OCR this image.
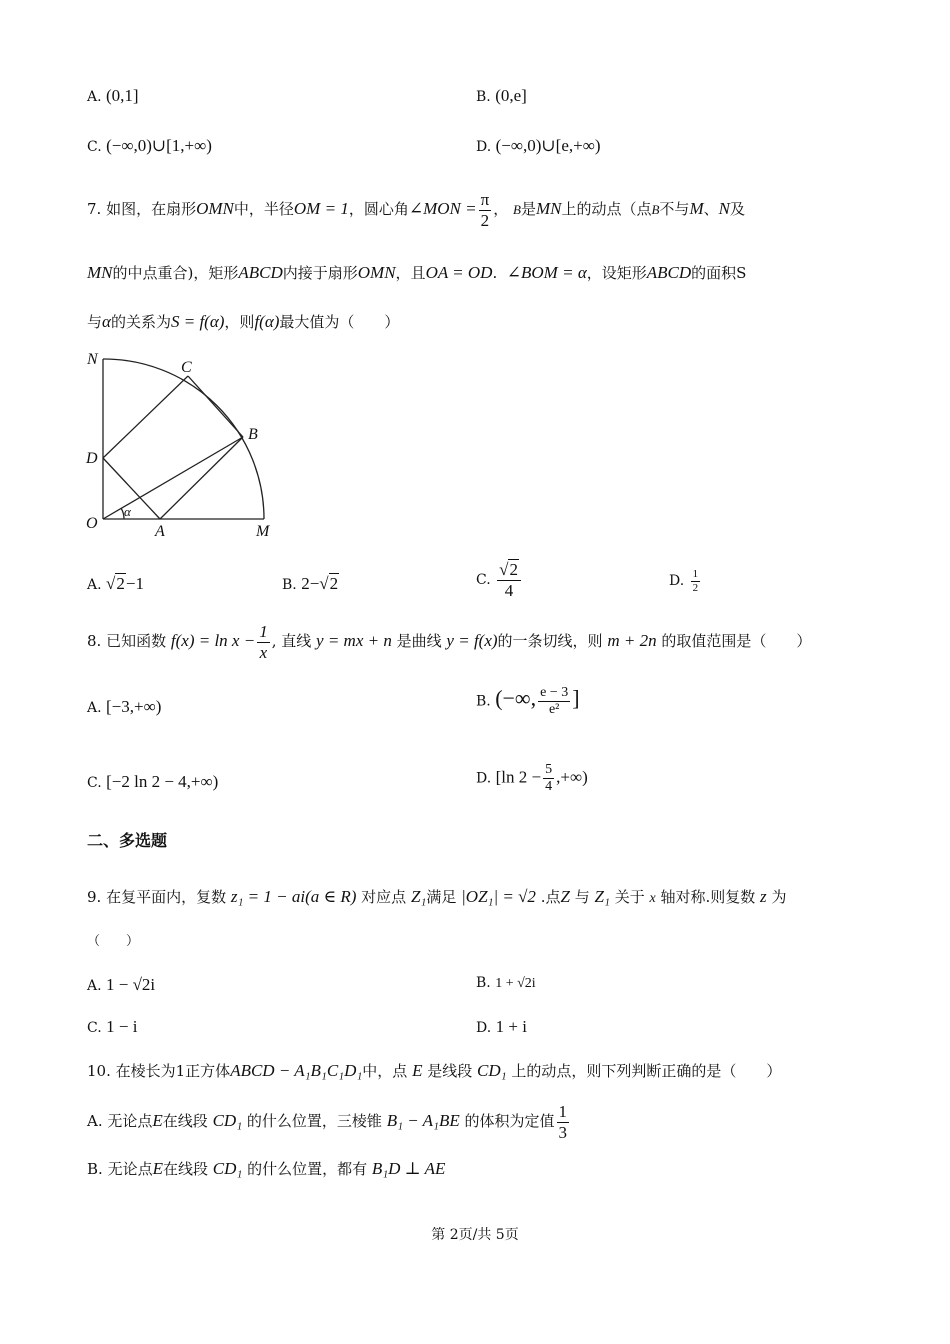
A. (0,1]	B. (0,e]
C. (−∞,0)∪[1,+∞)	D. (−∞,0)∪[e,+∞)
7. 如图，在扇形OMN中，半径OM = 1，圆心角∠MON = $\frac{\pi}{2}$ ， B是MN上的动点（点B不与M、N及
MN的中点重合)，矩形ABCD内接于扇形OMN，且OA = OD. ∠BOM = α，设矩形ABCD的面积S
与α的关系为S = f(α)，则f(α)最大值为（　　）
N	C
B
D
O
α
A	M
A. √2−1	B. 2−√2	C. $\frac{√2}{4}$	D. $\frac{1}{2}$
8. 已知函数 $f(x) = \ln x - \frac{1}{x}$ , 直线 y = mx + n 是曲线 y = f(x)的一条切线，则 m + 2n 的取值范围是（　　）
A. [−3,+∞)	B. (−∞, $\frac{e - 3}{\text{e²}}$ ]
C. [−2 ln 2 − 4,+∞)	D. [ln $2 - \frac{5}{4}$ ,+∞)
二、多选题
9. 在复平面内，复数 z₁ = 1 − ai(a ∈ R) 对应点 Z₁满足 |OZ₁| = √2 .点Z 与 Z₁ 关于 x 轴对称.则复数 z 为
（　　）
A. 1 − √2i	B. 1 + √2i
C. 1 − i	D. 1 + i
10. 在棱长为1正方体ABCD − A₁B₁C₁D₁中，点 E 是线段 CD₁ 上的动点，则下列判断正确的是（　　）
A. 无论点E在线段 CD₁ 的什么位置，三棱锥 B₁ − A₁BE 的体积为定值 $\frac{1}{3}$
B. 无论点E在线段 CD₁ 的什么位置，都有 B₁D ⊥ AE
第 2页/共 5页
